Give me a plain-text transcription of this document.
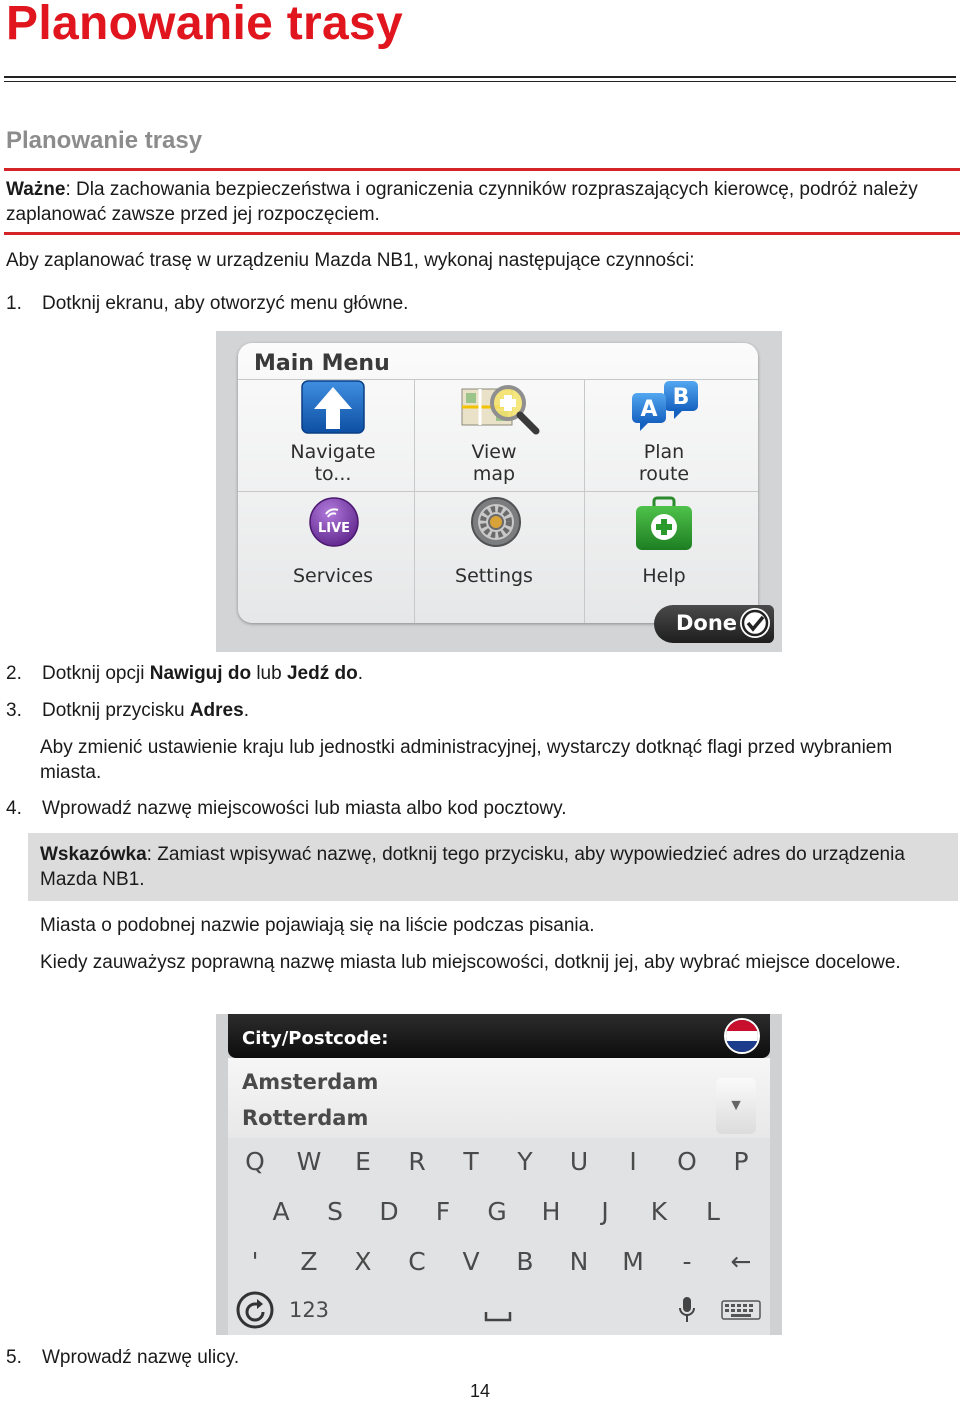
Planowanie trasy
Planowanie trasy
Ważne: Dla zachowania bezpieczeństwa i ograniczenia czynników rozpraszających kierowcę, podróż należy zaplanować zawsze przed jej rozpoczęciem.
Aby zaplanować trasę w urządzeniu Mazda NB1, wykonaj następujące czynności:
1. Dotknij ekranu, aby otworzyć menu główne.
Main Menu
Navigate
to...
View
map
A B
Plan
route
LIVE
Services	Settings	Help
Done
2. Dotknij opcji Nawiguj do lub Jedź do.
3. Dotknij przycisku Adres.
Aby zmienić ustawienie kraju lub jednostki administracyjnej, wystarczy dotknąć flagi przed wybraniem miasta.
4. Wprowadź nazwę miejscowości lub miasta albo kod pocztowy.
Wskazówka: Zamiast wpisywać nazwę, dotknij tego przycisku, aby wypowiedzieć adres do urządzenia Mazda NB1.
Miasta o podobnej nazwie pojawiają się na liście podczas pisania.
Kiedy zauważysz poprawną nazwę miasta lub miejscowości, dotknij jej, aby wybrać miejsce docelowe.
City/Postcode:
Amsterdam
Rotterdam
▼
Q	W	E	R	T	Y	U	I	O	P
A	S	D	F	G	H	J	K	L
'	Z	X	C	V	B	N	M	-	←
123
5. Wprowadź nazwę ulicy.
14
